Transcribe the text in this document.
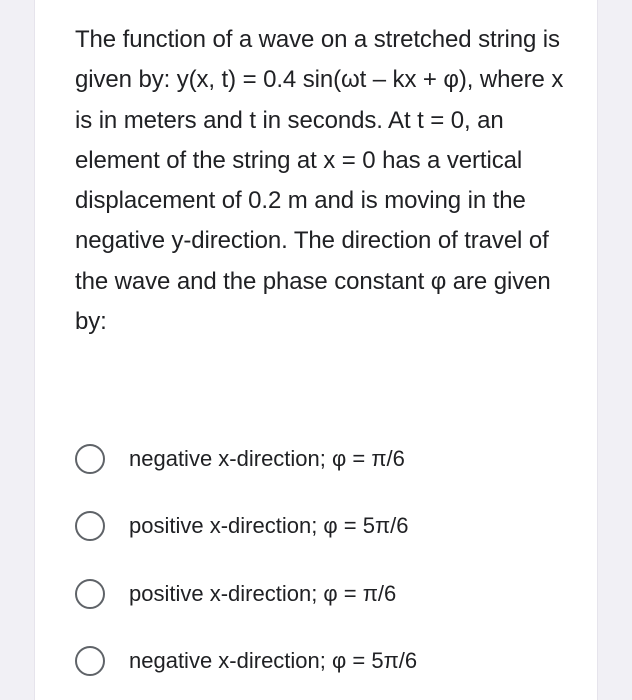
The function of a wave on a stretched string is given by: y(x, t) = 0.4 sin(ωt – kx + φ), where x is in meters and t in seconds. At t = 0, an element of the string at x = 0 has a vertical displacement of 0.2 m and is moving in the negative y-direction. The direction of travel of the wave and the phase constant φ are given by:

negative x-direction; φ = π/6
positive x-direction; φ = 5π/6
positive x-direction; φ = π/6
negative x-direction; φ = 5π/6
